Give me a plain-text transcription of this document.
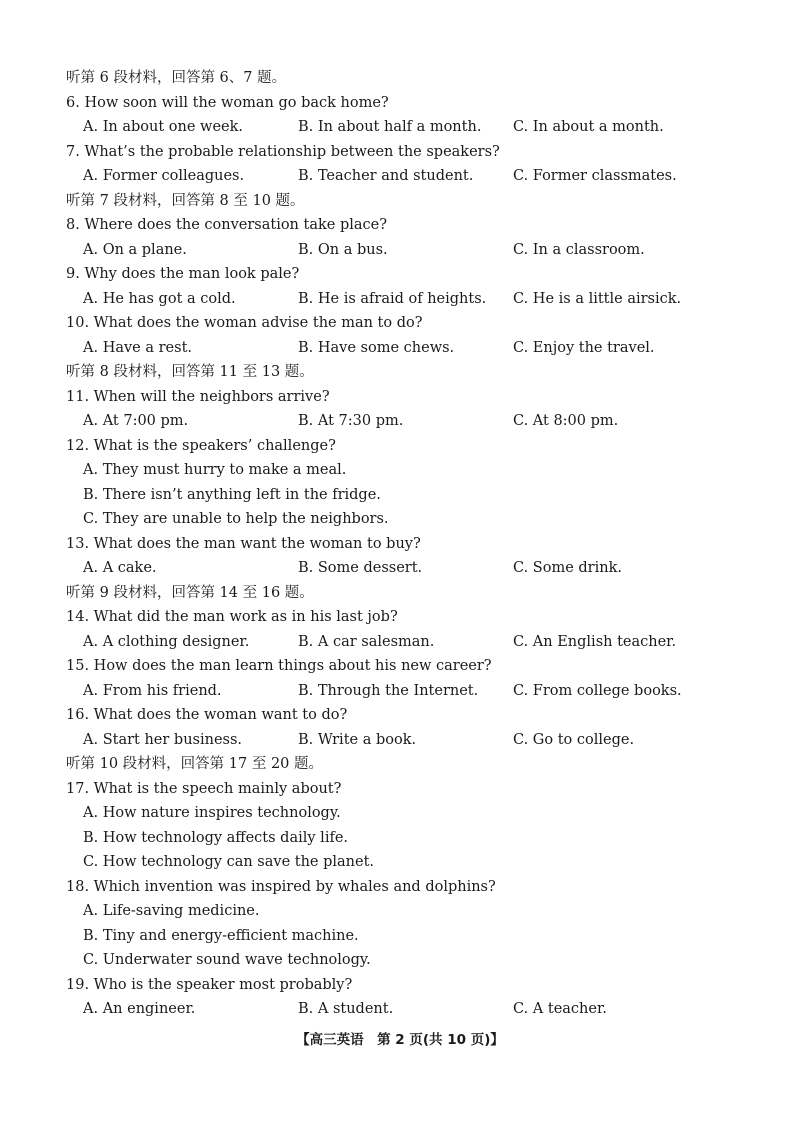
听第 6 段材料，回答第 6、7 题。
6. How soon will the woman go back home?
A. In about one week.	B. In about half a month. C. In about a month.
7. What’s the probable relationship between the speakers?
A. Former colleagues.	B. Teacher and student.	C. Former classmates.
听第 7 段材料，回答第 8 至 10 题。
8. Where does the conversation take place?
A. On a plane.	B. On a bus.	C. In a classroom.
9. Why does the man look pale?
A. He has got a cold.	B. He is afraid of heights. C. He is a little airsick.
10. What does the woman advise the man to do?
A. Have a rest.	B. Have some chews.	C. Enjoy the travel.
听第 8 段材料，回答第 11 至 13 题。
11. When will the neighbors arrive?
A. At 7:00 pm.	B. At 7:30 pm.	C. At 8:00 pm.
12. What is the speakers’ challenge?
A. They must hurry to make a meal.
B. There isn’t anything left in the fridge.
C. They are unable to help the neighbors.
13. What does the man want the woman to buy?
A. A cake.	B. Some dessert.	C. Some drink.
听第 9 段材料，回答第 14 至 16 题。
14. What did the man work as in his last job?
A. A clothing designer.	B. A car salesman.	C. An English teacher.
15. How does the man learn things about his new career?
A. From his friend.	B. Through the Internet. C. From college books.
16. What does the woman want to do?
A. Start her business.	B. Write a book.	C. Go to college.
听第 10 段材料，回答第 17 至 20 题。
17. What is the speech mainly about?
A. How nature inspires technology.
B. How technology affects daily life.
C. How technology can save the planet.
18. Which invention was inspired by whales and dolphins?
A. Life-saving medicine.
B. Tiny and energy-efficient machine.
C. Underwater sound wave technology.
19. Who is the speaker most probably?
A. An engineer.	B. A student.	C. A teacher.
【高三英语　第 2 页(共 10 页)】
